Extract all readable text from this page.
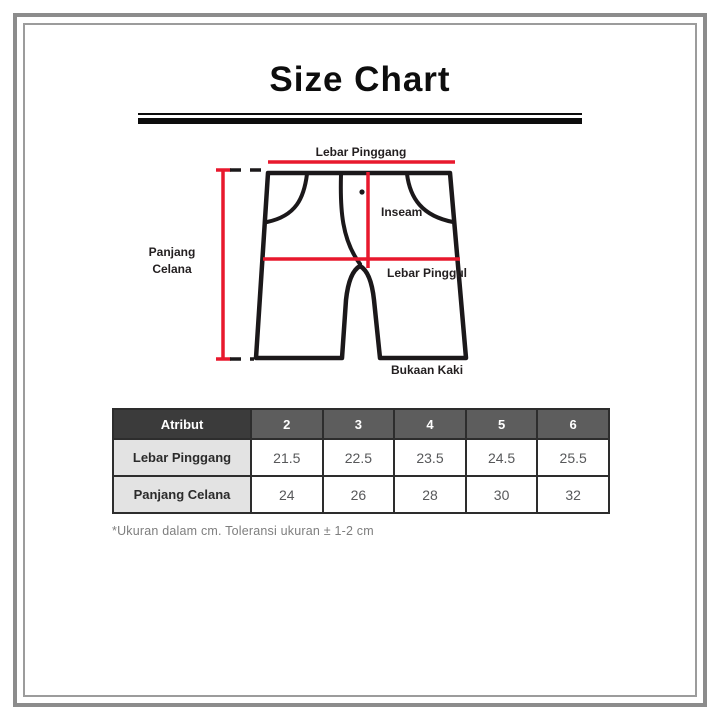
Size Chart
Lebar Pinggang
Panjang
Celana
Inseam
Lebar Pinggul
Bukaan Kaki
Atribut	2	3	4	5	6
Lebar Pinggang	21.5	22.5	23.5	24.5	25.5
Panjang Celana	24	26	28	30	32
*Ukuran dalam cm. Toleransi ukuran ± 1-2 cm
